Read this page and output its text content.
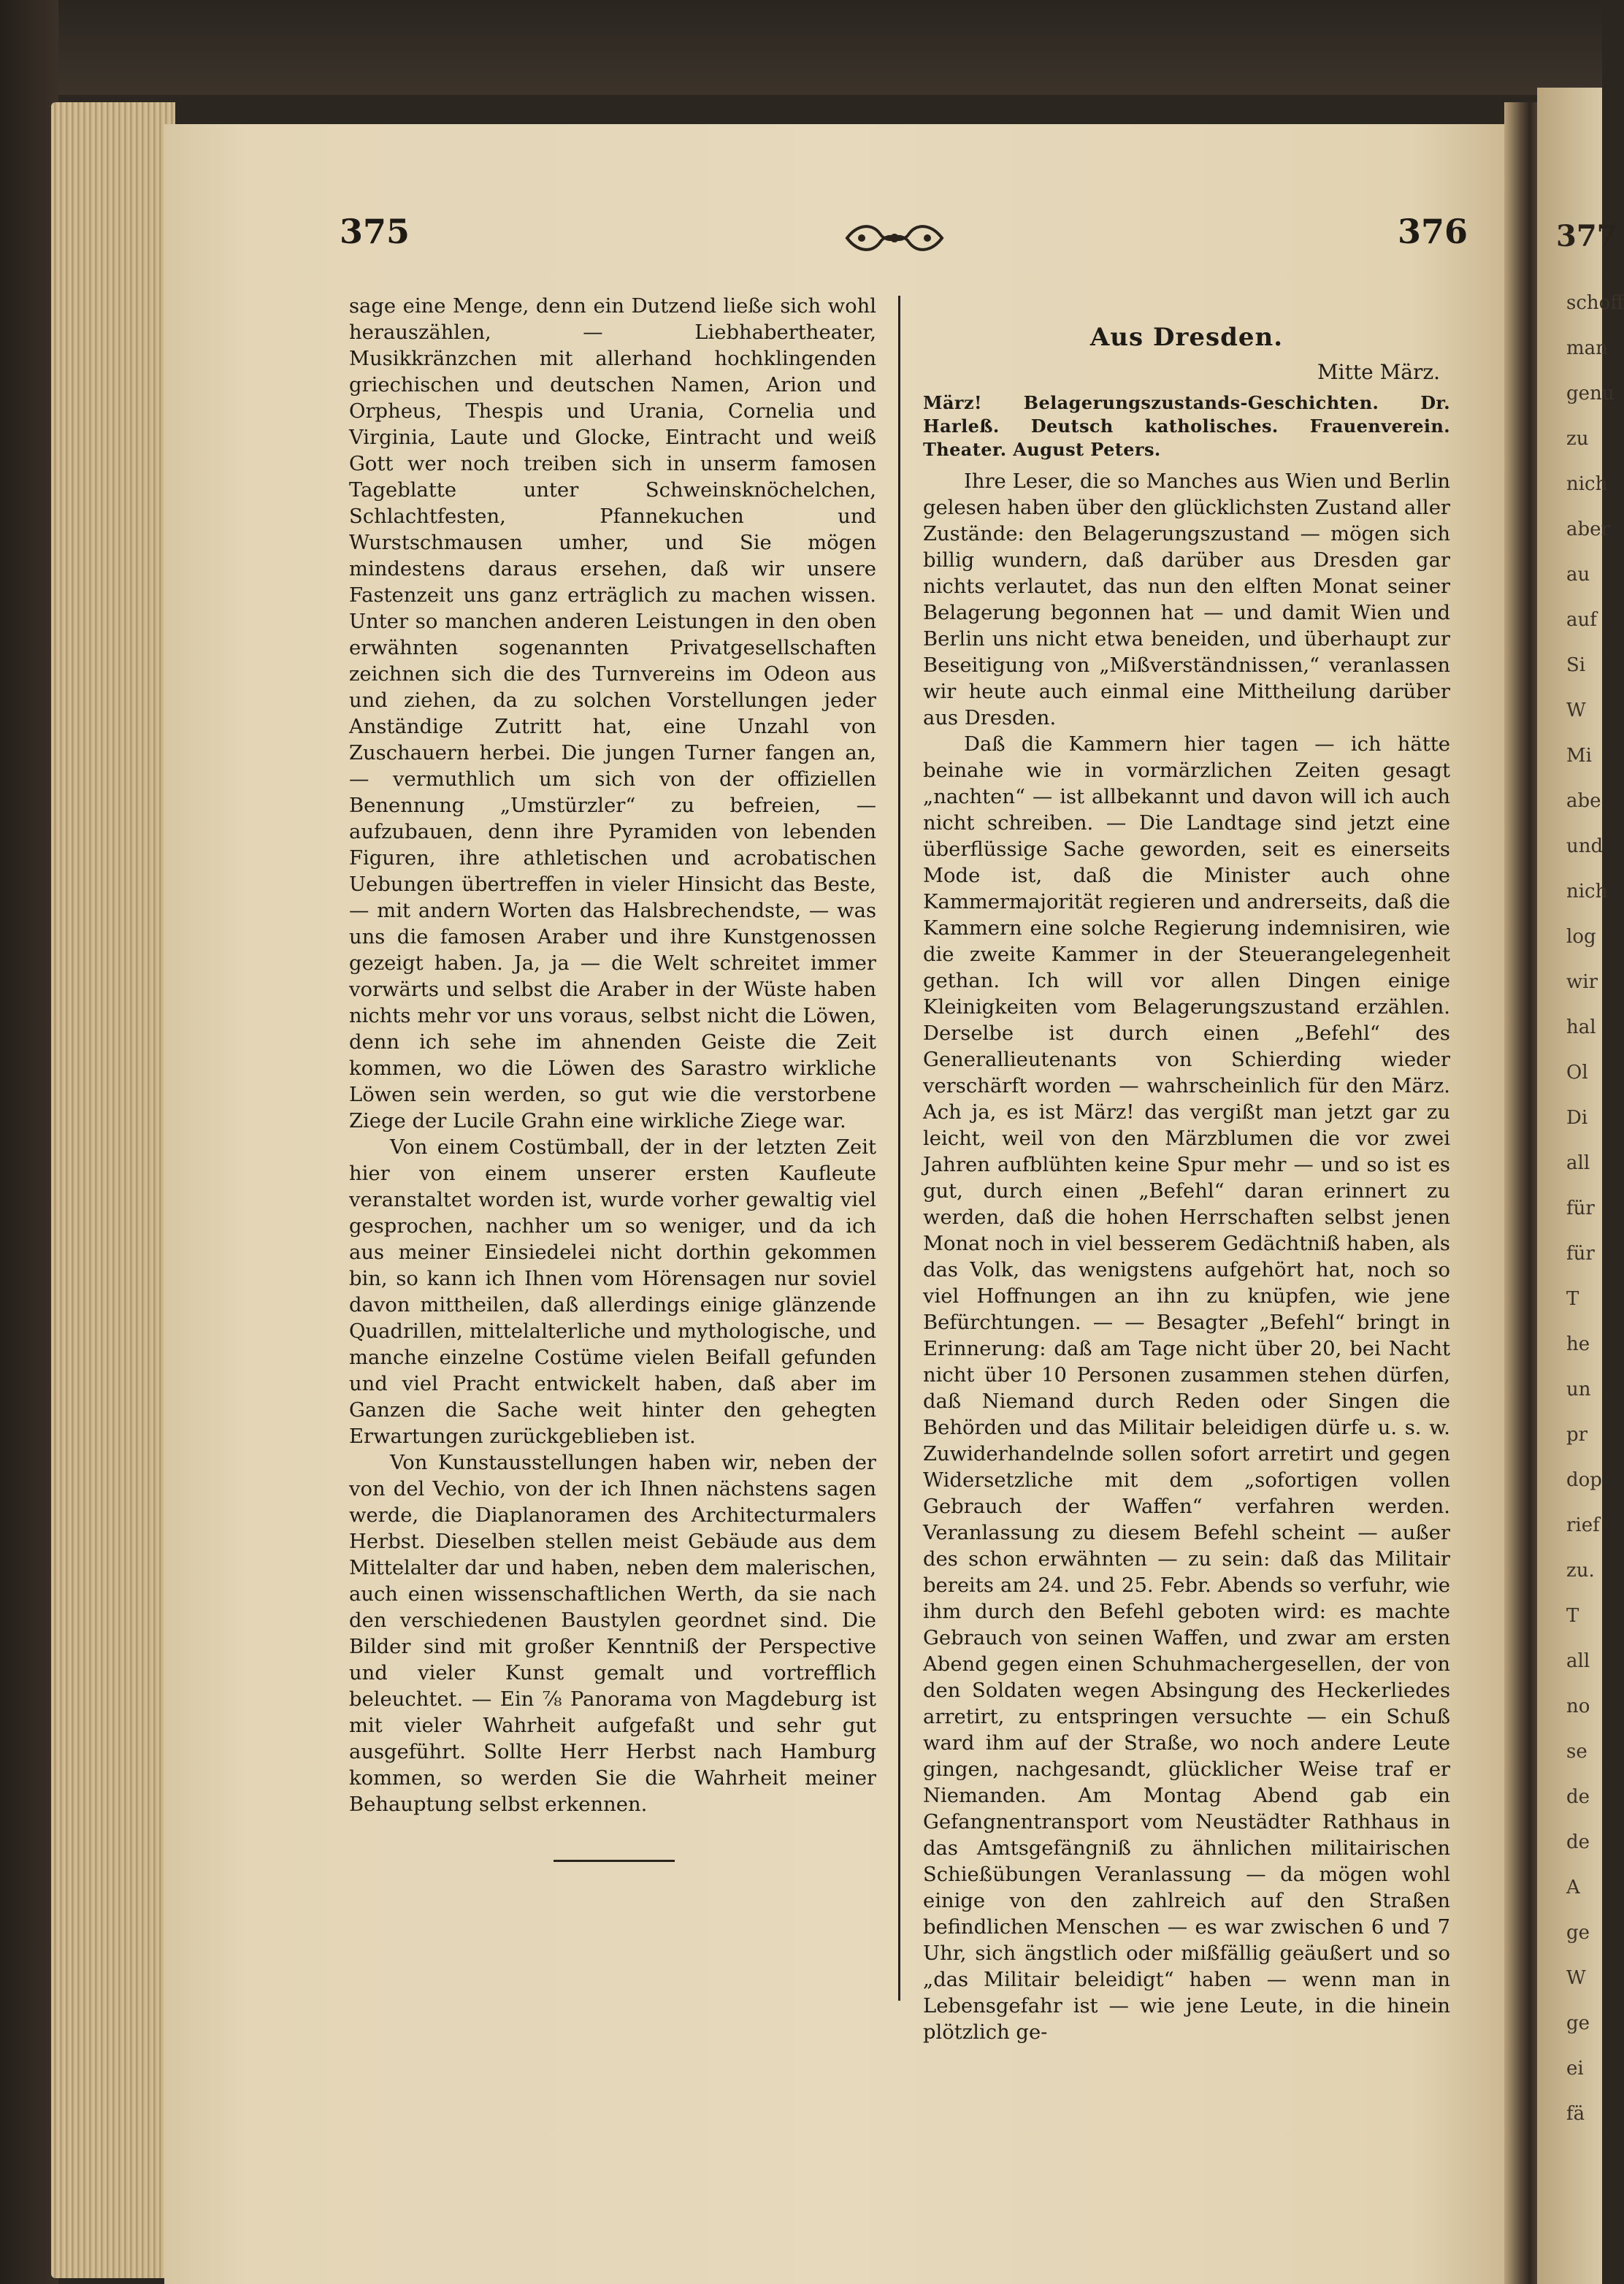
377
schoff
man
genu
zu
nich
aber
au
auf
Si
W
Mi
abe
und
nich
log
wir
hal
Ol
Di
all
für
für
T
he
un
pr
dop
rief
zu.
T
all
no
se
de
de
A
ge
W
ge
ei
fä
375	376

sage eine Menge, denn ein Dutzend ließe sich wohl herauszählen, — Liebhabertheater, Musikkränzchen mit allerhand hochklingenden griechischen und deutschen Namen, Arion und Orpheus, Thespis und Urania, Cornelia und Virginia, Laute und Glocke, Eintracht und weiß Gott wer noch treiben sich in unserm famosen Tageblatte unter Schweinsknöchelchen, Schlachtfesten, Pfannekuchen und Wurstschmausen umher, und Sie mögen mindestens daraus ersehen, daß wir unsere Fastenzeit uns ganz erträglich zu machen wissen. Unter so manchen anderen Leistungen in den oben erwähnten sogenannten Privatgesellschaften zeichnen sich die des Turnvereins im Odeon aus und ziehen, da zu solchen Vorstellungen jeder Anständige Zutritt hat, eine Unzahl von Zuschauern herbei. Die jungen Turner fangen an, — vermuthlich um sich von der offiziellen Benennung „Umstürzler“ zu befreien, — aufzubauen, denn ihre Pyramiden von lebenden Figuren, ihre athletischen und acrobatischen Uebungen übertreffen in vieler Hinsicht das Beste, — mit andern Worten das Halsbrechendste, — was uns die famosen Araber und ihre Kunstgenossen gezeigt haben. Ja, ja — die Welt schreitet immer vorwärts und selbst die Araber in der Wüste haben nichts mehr vor uns voraus, selbst nicht die Löwen, denn ich sehe im ahnenden Geiste die Zeit kommen, wo die Löwen des Sarastro wirkliche Löwen sein werden, so gut wie die verstorbene Ziege der Lucile Grahn eine wirkliche Ziege war.

Von einem Costümball, der in der letzten Zeit hier von einem unserer ersten Kaufleute veranstaltet worden ist, wurde vorher gewaltig viel gesprochen, nachher um so weniger, und da ich aus meiner Einsiedelei nicht dorthin gekommen bin, so kann ich Ihnen vom Hörensagen nur soviel davon mittheilen, daß allerdings einige glänzende Quadrillen, mittelalterliche und mythologische, und manche einzelne Costüme vielen Beifall gefunden und viel Pracht entwickelt haben, daß aber im Ganzen die Sache weit hinter den gehegten Erwartungen zurückgeblieben ist.

Von Kunstausstellungen haben wir, neben der von del Vechio, von der ich Ihnen nächstens sagen werde, die Diaplanoramen des Architecturmalers Herbst. Dieselben stellen meist Gebäude aus dem Mittelalter dar und haben, neben dem malerischen, auch einen wissenschaftlichen Werth, da sie nach den verschiedenen Baustylen geordnet sind. Die Bilder sind mit großer Kenntniß der Perspective und vieler Kunst gemalt und vortrefflich beleuchtet. — Ein ⅞ Panorama von Magdeburg ist mit vieler Wahrheit aufgefaßt und sehr gut ausgeführt. Sollte Herr Herbst nach Hamburg kommen, so werden Sie die Wahrheit meiner Behauptung selbst erkennen.

Aus Dresden.
Mitte März.
März! Belagerungszustands-Geschichten. Dr. Harleß. Deutsch katholisches. Frauenverein. Theater. August Peters.

Ihre Leser, die so Manches aus Wien und Berlin gelesen haben über den glücklichsten Zustand aller Zustände: den Belagerungszustand — mögen sich billig wundern, daß darüber aus Dresden gar nichts verlautet, das nun den elften Monat seiner Belagerung begonnen hat — und damit Wien und Berlin uns nicht etwa beneiden, und überhaupt zur Beseitigung von „Mißverständnissen,“ veranlassen wir heute auch einmal eine Mittheilung darüber aus Dresden.

Daß die Kammern hier tagen — ich hätte beinahe wie in vormärzlichen Zeiten gesagt „nachten“ — ist allbekannt und davon will ich auch nicht schreiben. — Die Landtage sind jetzt eine überflüssige Sache geworden, seit es einerseits Mode ist, daß die Minister auch ohne Kammermajorität regieren und andrerseits, daß die Kammern eine solche Regierung indemnisiren, wie die zweite Kammer in der Steuerangelegenheit gethan. Ich will vor allen Dingen einige Kleinigkeiten vom Belagerungszustand erzählen. Derselbe ist durch einen „Befehl“ des Generallieutenants von Schierding wieder verschärft worden — wahrscheinlich für den März. Ach ja, es ist März! das vergißt man jetzt gar zu leicht, weil von den Märzblumen die vor zwei Jahren aufblühten keine Spur mehr — und so ist es gut, durch einen „Befehl“ daran erinnert zu werden, daß die hohen Herrschaften selbst jenen Monat noch in viel besserem Gedächtniß haben, als das Volk, das wenigstens aufgehört hat, noch so viel Hoffnungen an ihn zu knüpfen, wie jene Befürchtungen. — — Besagter „Befehl“ bringt in Erinnerung: daß am Tage nicht über 20, bei Nacht nicht über 10 Personen zusammen stehen dürfen, daß Niemand durch Reden oder Singen die Behörden und das Militair beleidigen dürfe u. s. w. Zuwiderhandelnde sollen sofort arretirt und gegen Widersetzliche mit dem „sofortigen vollen Gebrauch der Waffen“ verfahren werden. Veranlassung zu diesem Befehl scheint — außer des schon erwähnten — zu sein: daß das Militair bereits am 24. und 25. Febr. Abends so verfuhr, wie ihm durch den Befehl geboten wird: es machte Gebrauch von seinen Waffen, und zwar am ersten Abend gegen einen Schuhmachergesellen, der von den Soldaten wegen Absingung des Heckerliedes arretirt, zu entspringen versuchte — ein Schuß ward ihm auf der Straße, wo noch andere Leute gingen, nachgesandt, glücklicher Weise traf er Niemanden. Am Montag Abend gab ein Gefangnentransport vom Neustädter Rathhaus in das Amtsgefängniß zu ähnlichen militairischen Schießübungen Veranlassung — da mögen wohl einige von den zahlreich auf den Straßen befindlichen Menschen — es war zwischen 6 und 7 Uhr, sich ängstlich oder mißfällig geäußert und so „das Militair beleidigt“ haben — wenn man in Lebensgefahr ist — wie jene Leute, in die hinein plötzlich ge-
